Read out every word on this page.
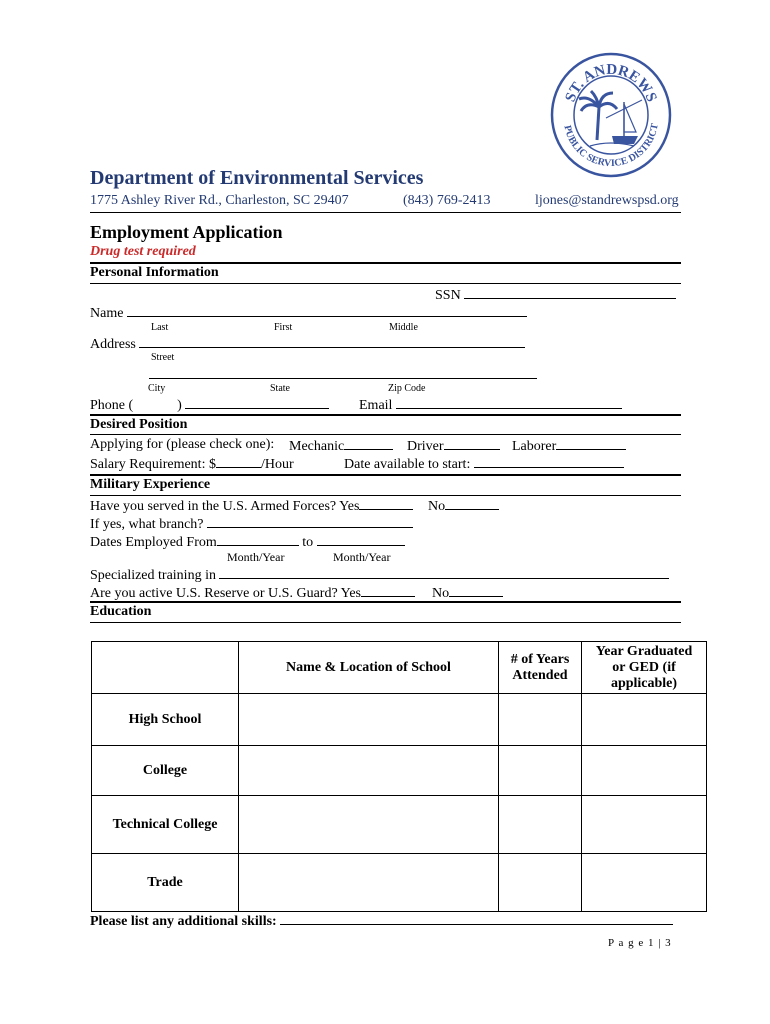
ST. ANDREWS
PUBLIC SERVICE DISTRICT
Department of Environmental Services
1775 Ashley River Rd., Charleston, SC 29407	(843) 769-2413	ljones@standrewspsd.org
Employment Application
Drug test required
Personal Information
SSN
Name
Last	First	Middle
Address
Street
City	State	Zip Code
Phone (	)	Email
Desired Position
Applying for (please check one): Mechanic	Driver	Laborer
Salary Requirement: $	/Hour	Date available to start:
Military Experience
Have you served in the U.S. Armed Forces? Yes	No
If yes, what branch?
Dates Employed From	to
Month/Year	Month/Year
Specialized training in
Are you active U.S. Reserve or U.S. Guard? Yes	No
Education
	Name & Location of School	# of Years Attended	Year Graduated or GED (if applicable)
High School			
College			
Technical College			
Trade			
Please list any additional skills:
P a g e 1 | 3
